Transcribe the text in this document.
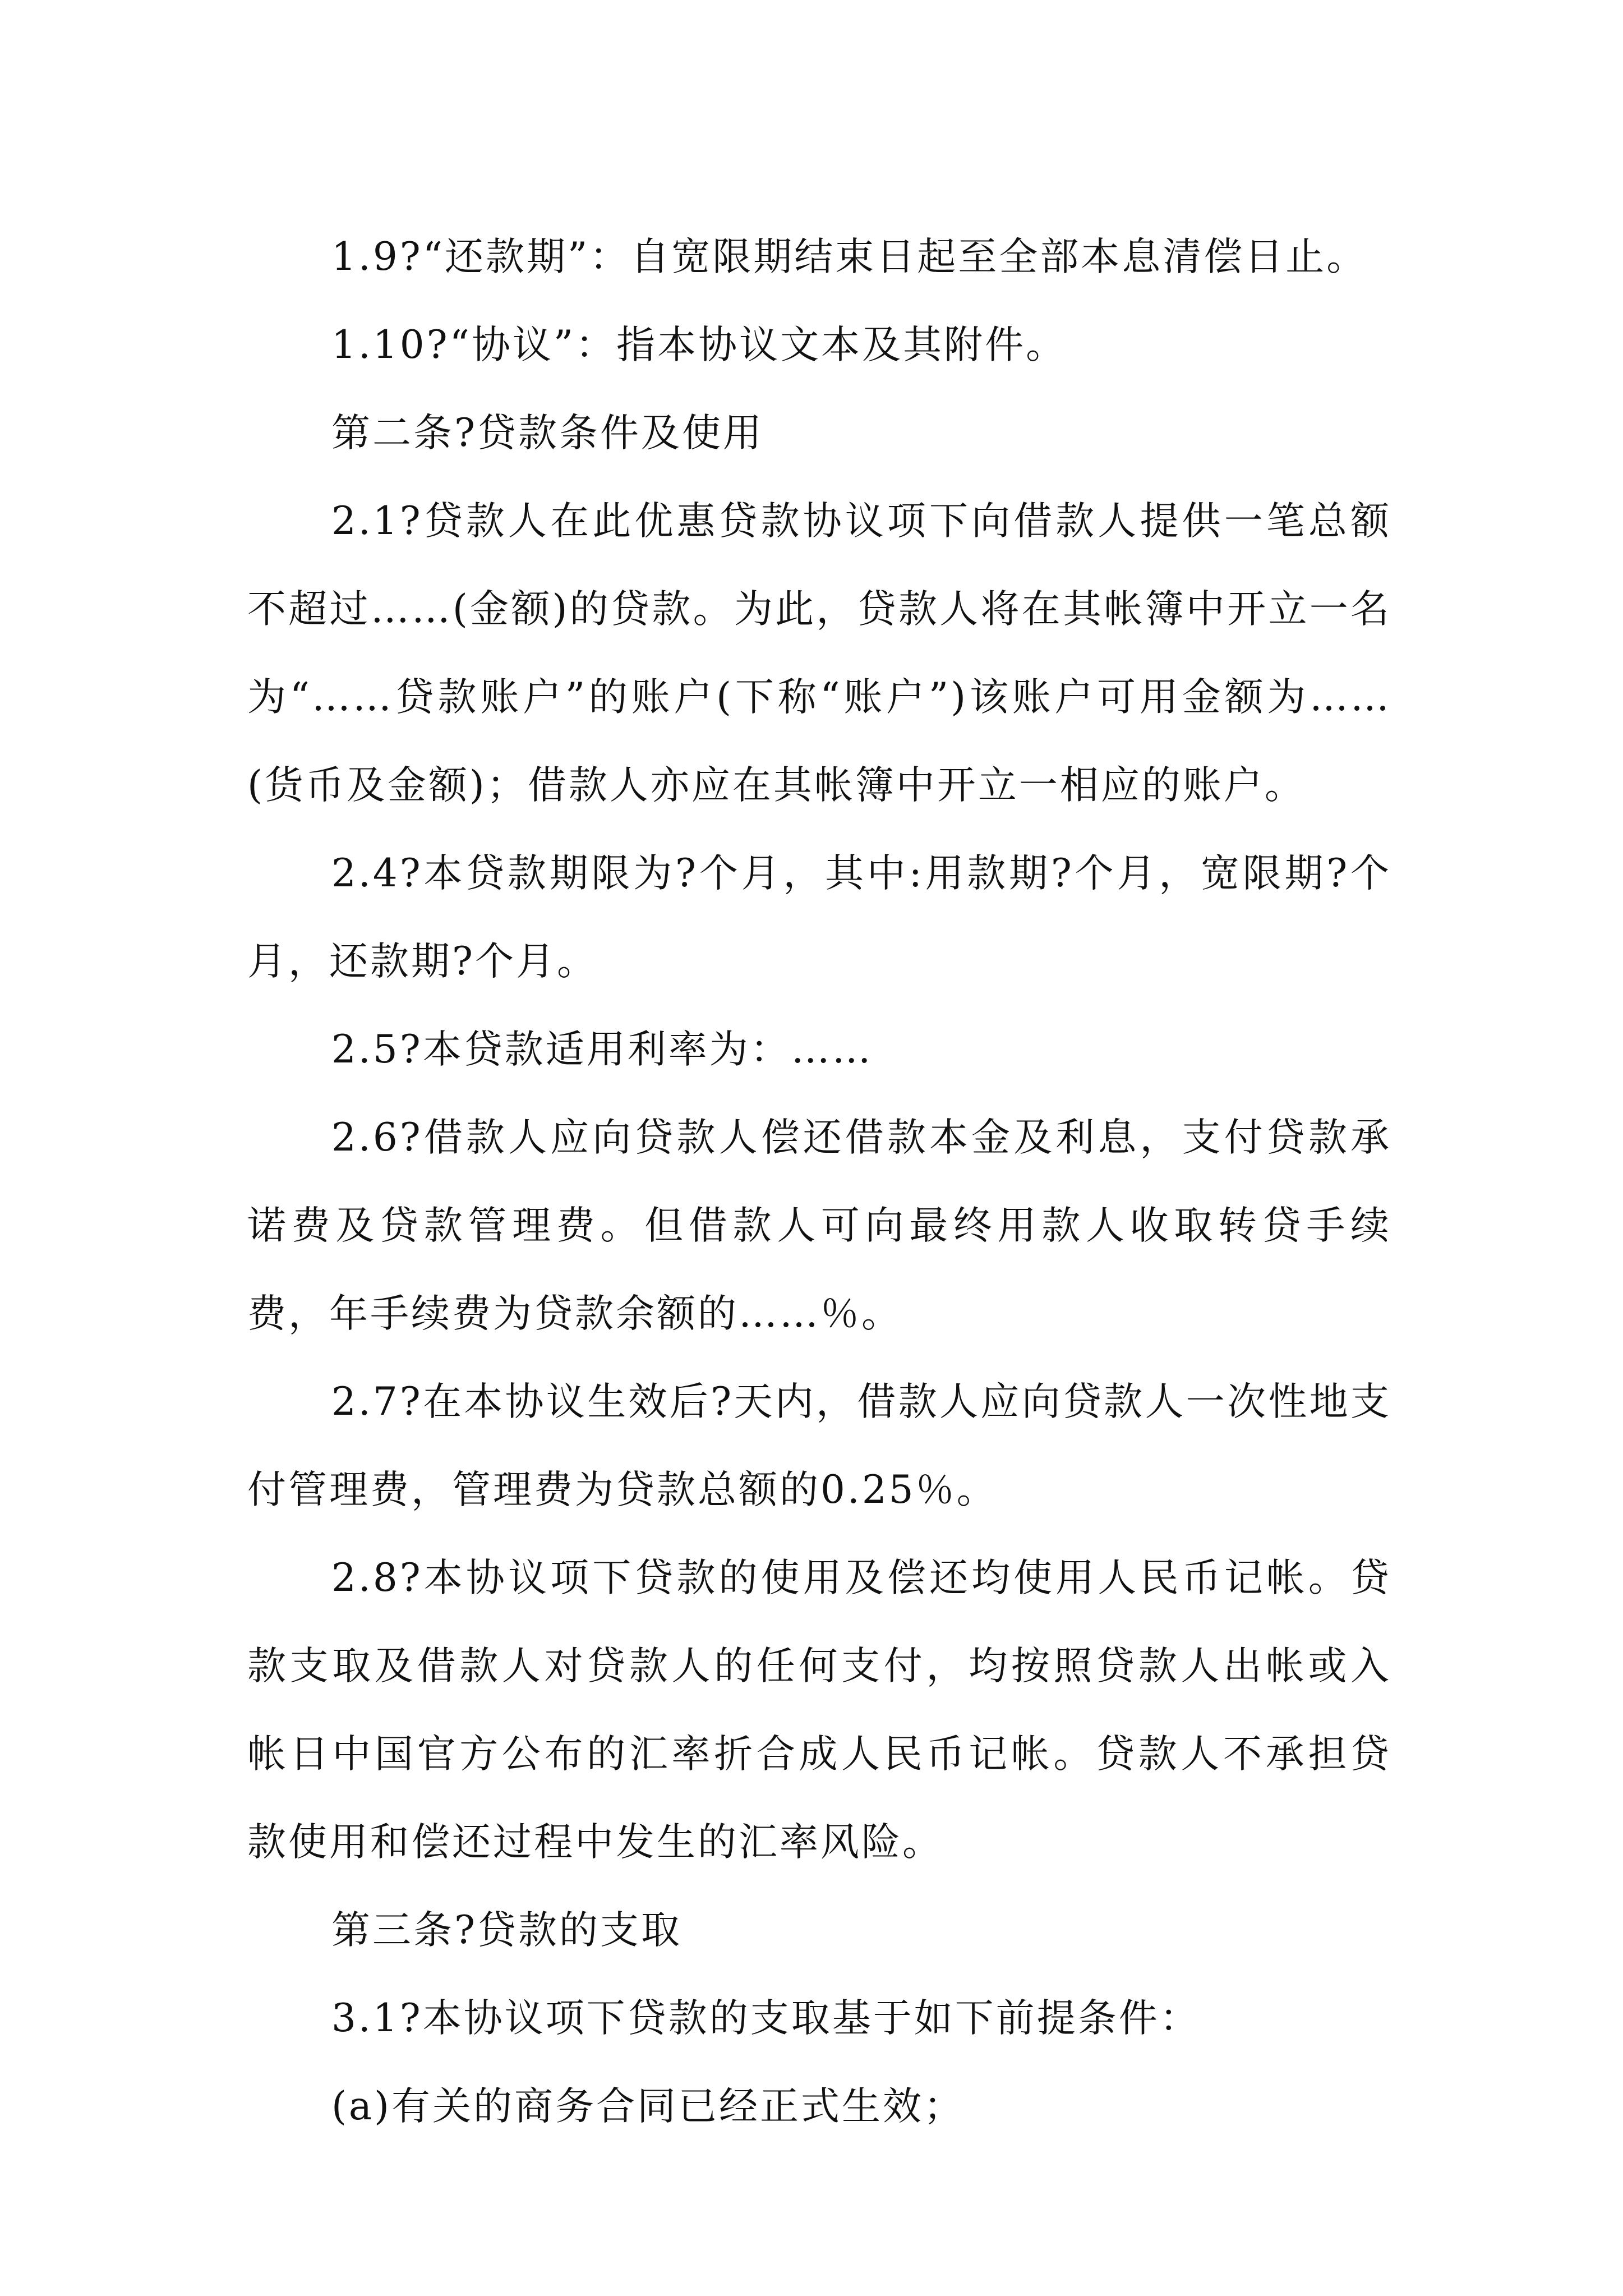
1.9?“还款期”：自宽限期结束日起至全部本息清偿日止。

1.10?“协议”：指本协议文本及其附件。

第二条?贷款条件及使用

2.1?贷款人在此优惠贷款协议项下向借款人提供一笔总额不超过……(金额)的贷款。为此，贷款人将在其帐簿中开立一名为“……贷款账户”的账户(下称“账户”)该账户可用金额为……(货币及金额)；借款人亦应在其帐簿中开立一相应的账户。

2.4?本贷款期限为?个月，其中:用款期?个月，宽限期?个月，还款期?个月。

2.5?本贷款适用利率为：……

2.6?借款人应向贷款人偿还借款本金及利息，支付贷款承诺费及贷款管理费。但借款人可向最终用款人收取转贷手续费，年手续费为贷款余额的……％。

2.7?在本协议生效后?天内，借款人应向贷款人一次性地支付管理费，管理费为贷款总额的0.25％。

2.8?本协议项下贷款的使用及偿还均使用人民币记帐。贷款支取及借款人对贷款人的任何支付，均按照贷款人出帐或入帐日中国官方公布的汇率折合成人民币记帐。贷款人不承担贷款使用和偿还过程中发生的汇率风险。

第三条?贷款的支取

3.1?本协议项下贷款的支取基于如下前提条件：

(a)有关的商务合同已经正式生效；
